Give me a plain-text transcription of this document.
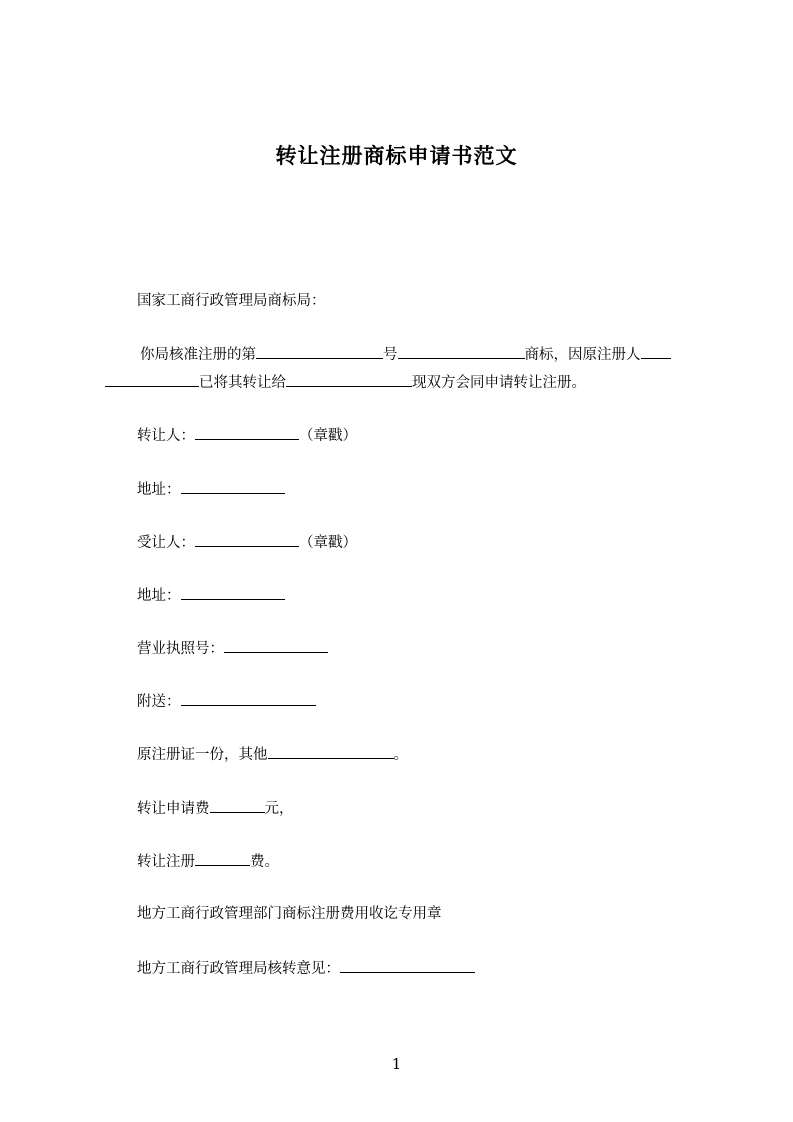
转让注册商标申请书范文
国家工商行政管理局商标局：
你局核准注册的第	号	商标，因原注册人
已将其转让给	现双方会同申请转让注册。
转让人：	（章戳）
地址：
受让人：	（章戳）
地址：
营业执照号：
附送：
原注册证一份，其他	。
转让申请费	元，
转让注册	费。
地方工商行政管理部门商标注册费用收讫专用章
地方工商行政管理局核转意见：
1
